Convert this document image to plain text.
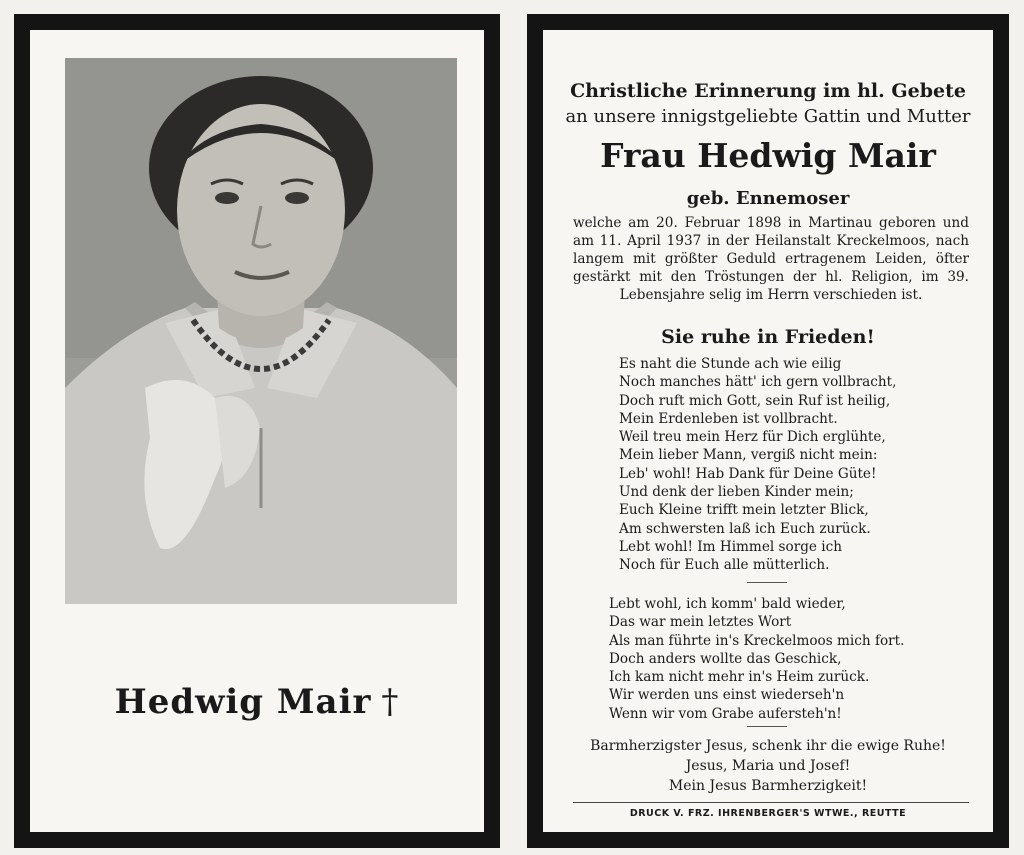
Hedwig Mair †
Christliche Erinnerung im hl. Gebete
an unsere innigstgeliebte Gattin und Mutter
Frau Hedwig Mair
geb. Ennemoser
welche am 20. Februar 1898 in Martinau geboren und am 11. April 1937 in der Heilanstalt Kreckelmoos, nach langem mit größter Geduld ertragenem Leiden, öfter gestärkt mit den Tröstungen der hl. Religion, im 39. Lebensjahre selig im Herrn verschieden ist.
Sie ruhe in Frieden!
Es naht die Stunde ach wie eilig
Noch manches hätt' ich gern vollbracht,
Doch ruft mich Gott, sein Ruf ist heilig,
Mein Erdenleben ist vollbracht.
Weil treu mein Herz für Dich erglühte,
Mein lieber Mann, vergiß nicht mein:
Leb' wohl! Hab Dank für Deine Güte!
Und denk der lieben Kinder mein;
Euch Kleine trifft mein letzter Blick,
Am schwersten laß ich Euch zurück.
Lebt wohl! Im Himmel sorge ich
Noch für Euch alle mütterlich.
Lebt wohl, ich komm' bald wieder,
Das war mein letztes Wort
Als man führte in's Kreckelmoos mich fort.
Doch anders wollte das Geschick,
Ich kam nicht mehr in's Heim zurück.
Wir werden uns einst wiederseh'n
Wenn wir vom Grabe aufersteh'n!
Barmherzigster Jesus, schenk ihr die ewige Ruhe!
Jesus, Maria und Josef!
Mein Jesus Barmherzigkeit!
DRUCK V. FRZ. IHRENBERGER'S WTWE., REUTTE
